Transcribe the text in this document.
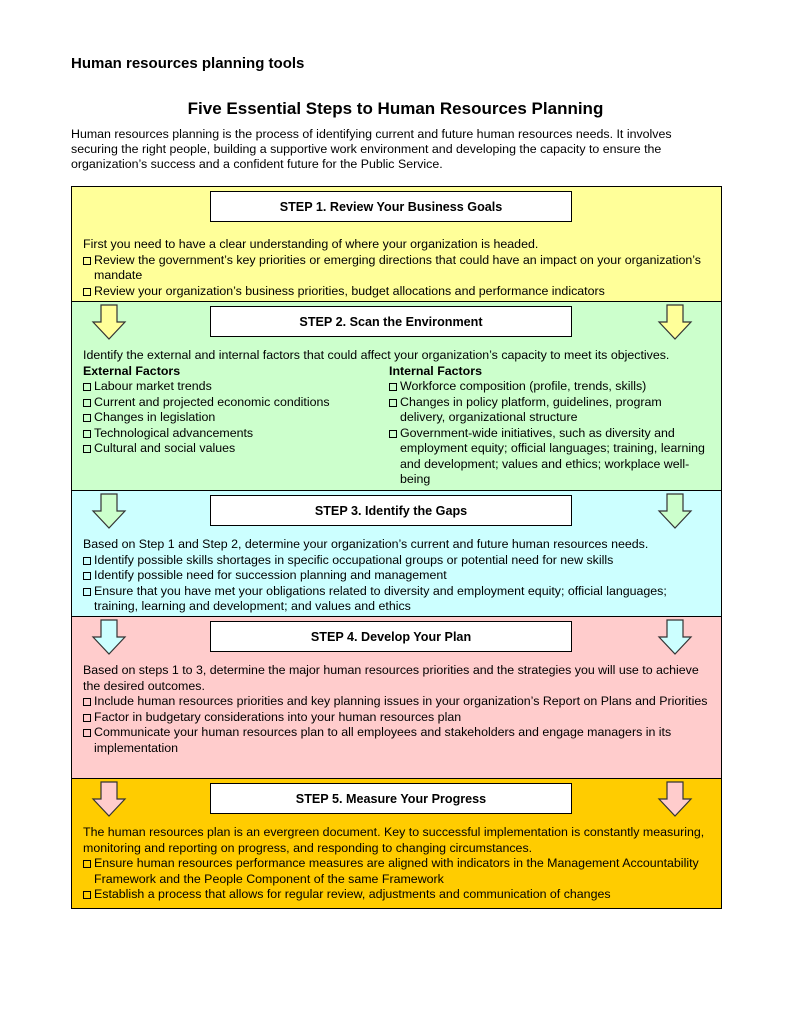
Human resources planning tools
Five Essential Steps to Human Resources Planning
Human resources planning is the process of identifying current and future human resources needs. It involves securing the right people, building a supportive work environment and developing the capacity to ensure the organization’s success and a confident future for the Public Service.
STEP 1. Review Your Business Goals

First you need to have a clear understanding of where your organization is headed.

Review the government’s key priorities or emerging directions that could have an impact on your organization’s mandate
Review your organization’s business priorities, budget allocations and performance indicators
STEP 2. Scan the Environment

Identify the external and internal factors that could affect your organization’s capacity to meet its objectives.

External Factors
Labour market trends
Current and projected economic conditions
Changes in legislation
Technological advancements
Cultural and social values
Internal Factors
Workforce composition (profile, trends, skills)
Changes in policy platform, guidelines, program delivery, organizational structure
Government-wide initiatives, such as diversity and employment equity; official languages; training, learning and development; values and ethics; workplace well-being
STEP 3. Identify the Gaps

Based on Step 1 and Step 2, determine your organization’s current and future human resources needs.

Identify possible skills shortages in specific occupational groups or potential need for new skills
Identify possible need for succession planning and management
Ensure that you have met your obligations related to diversity and employment equity; official languages; training, learning and development; and values and ethics
STEP 4. Develop Your Plan

Based on steps 1 to 3, determine the major human resources priorities and the strategies you will use to achieve the desired outcomes.

Include human resources priorities and key planning issues in your organization’s Report on Plans and Priorities
Factor in budgetary considerations into your human resources plan
Communicate your human resources plan to all employees and stakeholders and engage managers in its implementation
STEP 5. Measure Your Progress

The human resources plan is an evergreen document. Key to successful implementation is constantly measuring, monitoring and reporting on progress, and responding to changing circumstances.

Ensure human resources performance measures are aligned with indicators in the Management Accountability Framework and the People Component of the same Framework
Establish a process that allows for regular review, adjustments and communication of changes
